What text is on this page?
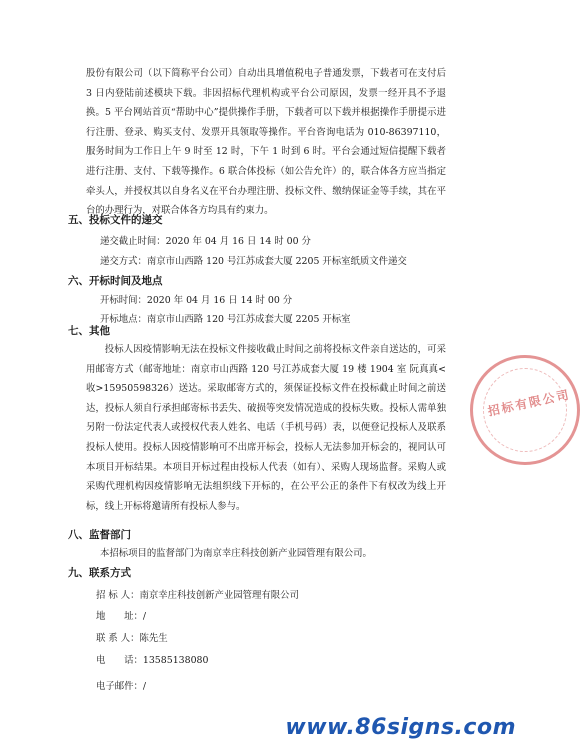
股份有限公司（以下简称平台公司）自动出具增值税电子普通发票，下载者可在支付后 3 日内登陆前述模块下载。非因招标代理机构或平台公司原因，发票一经开具不予退换。5 平台网站首页“帮助中心”提供操作手册，下载者可以下载并根据操作手册提示进行注册、登录、购买支付、发票开具领取等操作。平台咨询电话为 010-86397110，服务时间为工作日上午 9 时至 12 时，下午 1 时到 6 时。平台会通过短信提醒下载者进行注册、支付、下载等操作。6 联合体投标（如公告允许）的，联合体各方应当指定牵头人，并授权其以自身名义在平台办理注册、投标文件、缴纳保证金等手续，其在平台的办理行为，对联合体各方均具有约束力。

五、投标文件的递交
递交截止时间：2020 年 04 月 16 日 14 时 00 分
递交方式：南京市山西路 120 号江苏成套大厦 2205 开标室纸质文件递交
六、开标时间及地点
开标时间：2020 年 04 月 16 日 14 时 00 分
开标地点：南京市山西路 120 号江苏成套大厦 2205 开标室
七、其他

投标人因疫情影响无法在投标文件接收截止时间之前将投标文件亲自送达的，可采用邮寄方式（邮寄地址：南京市山西路 120 号江苏成套大厦 19 楼 1904 室 阮真真<收>15950598326）送达。采取邮寄方式的，须保证投标文件在投标截止时间之前送达，投标人须自行承担邮寄标书丢失、破损等突发情况造成的投标失败。投标人需单独另附一份法定代表人或授权代表人姓名、电话（手机号码）表，以便登记投标人及联系投标人使用。投标人因疫情影响可不出席开标会，投标人无法参加开标会的，视同认可本项目开标结果。本项目开标过程由投标人代表（如有）、采购人现场监督。采购人或采购代理机构因疫情影响无法组织线下开标的，在公平公正的条件下有权改为线上开标，线上开标将邀请所有投标人参与。

八、监督部门
本招标项目的监督部门为南京幸庄科技创新产业园管理有限公司。
九、联系方式
招 标 人：南京幸庄科技创新产业园管理有限公司
地　　址：/
联 系 人：陈先生
电　　话：13585138080
电子邮件：/
招标有限公司
www.86signs.com
